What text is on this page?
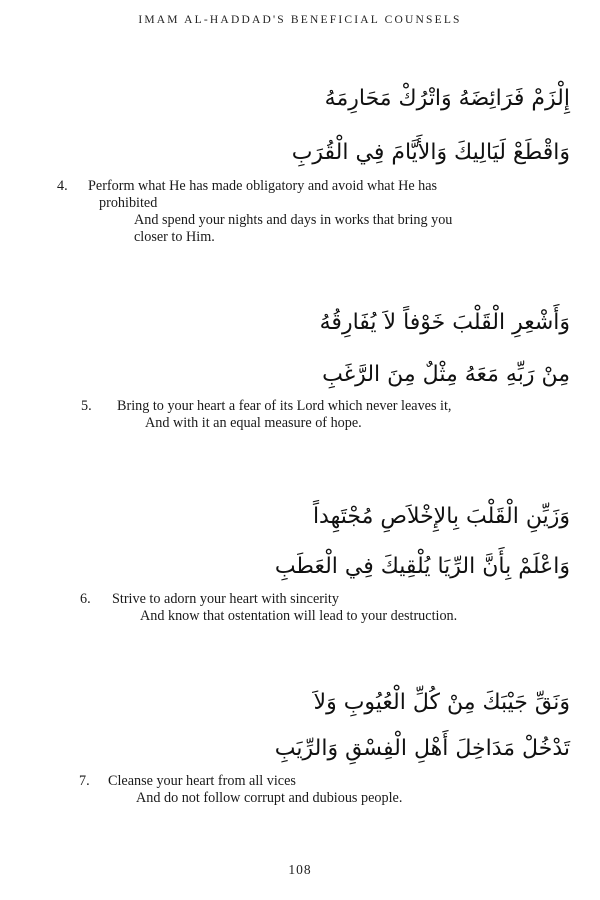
IMAM AL-HADDAD'S BENEFICIAL COUNSELS
إِلْزَمْ فَرَائِضَهُ وَاتْرُكْ مَحَارِمَهُ
وَاقْطَعْ لَيَالِيكَ وَالأَيَّامَ فِي الْقُرَبِ
4. Perform what He has made obligatory and avoid what He has
prohibited
And spend your nights and days in works that bring you
closer to Him.
وَأَشْعِرِ الْقَلْبَ خَوْفاً لاَ يُفَارِقُهُ
مِنْ رَبِّهِ مَعَهُ مِثْلٌ مِنَ الرَّغَبِ
5. Bring to your heart a fear of its Lord which never leaves it,
And with it an equal measure of hope.
وَزَيِّنِ الْقَلْبَ بِالإِخْلاَصِ مُجْتَهِداً
وَاعْلَمْ بِأَنَّ الرِّيَا يُلْقِيكَ فِي الْعَطَبِ
6. Strive to adorn your heart with sincerity
And know that ostentation will lead to your destruction.
وَنَقِّ جَيْبَكَ مِنْ كُلِّ الْعُيُوبِ وَلاَ
تَدْخُلْ مَدَاخِلَ أَهْلِ الْفِسْقِ وَالرِّيَبِ
7. Cleanse your heart from all vices
And do not follow corrupt and dubious people.
108
